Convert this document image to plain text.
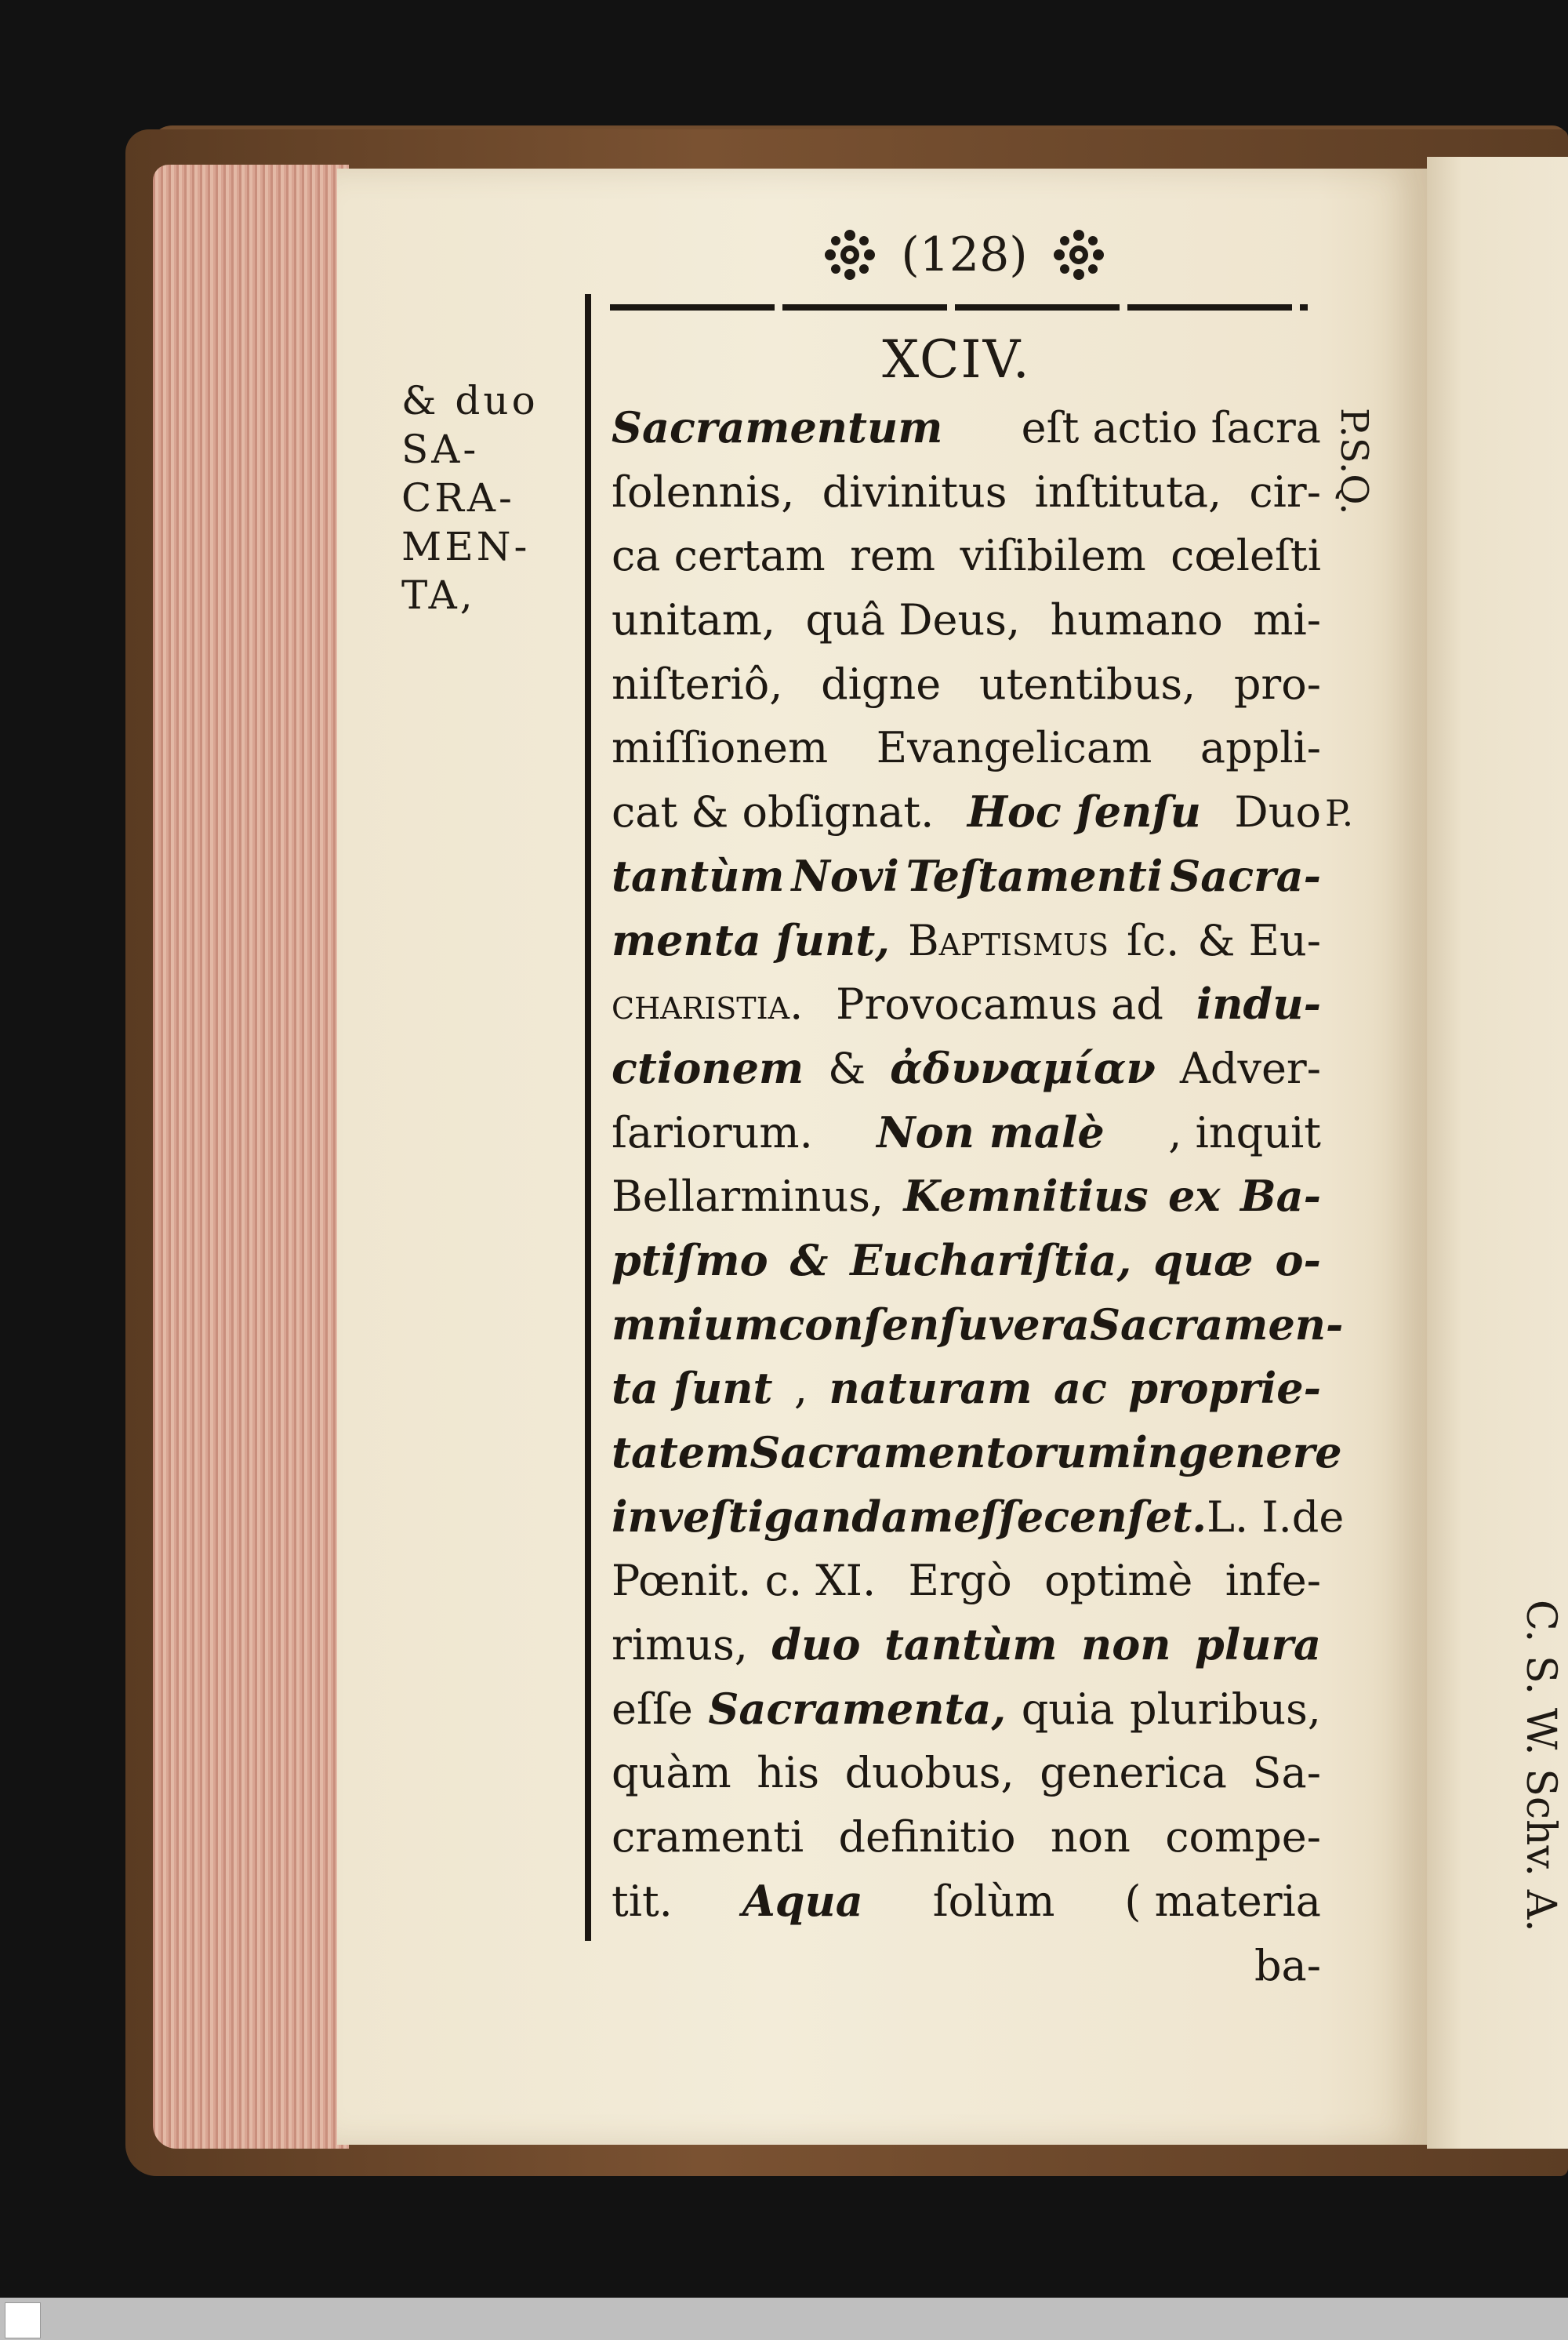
(128)
XCIV.
& duo
SA-
CRA-
MEN-
TA,
Sacramentum eſt actio ſacra
ſolennis, divinitus inſtituta, cir-
ca certam rem viſibilem cœleſti
unitam, quâ Deus, humano mi-
niſteriô, digne utentibus, pro-
miſſionem Evangelicam appli-
cat & obſignat. Hoc ſenſu Duo
tantùm Novi Teſtamenti Sacra-
menta ſunt, Baptismus ſc. & Eu-
charistia. Provocamus ad indu-
ctionem & ἀδυναμίαν Adver-
ſariorum. Non malè , inquit
Bellarminus, Kemnitius ex Ba-
ptiſmo & Euchariſtia, quæ o-
mnium conſenſu vera Sacramen-
ta ſunt , naturam ac proprie-
tatem Sacramentorum in genere
inveſtigandam eſſe cenſet. L. I. de
Pœnit. c. XI. Ergò optimè infe-
rimus, duo tantùm non plura
eſſe Sacramenta, quia pluribus,
quàm his duobus, generica Sa-
cramenti definitio non compe-
tit. Aqua ſolùm ( materia
ba-
P.S.Q.
P.
C. S. W. Schv. A.
